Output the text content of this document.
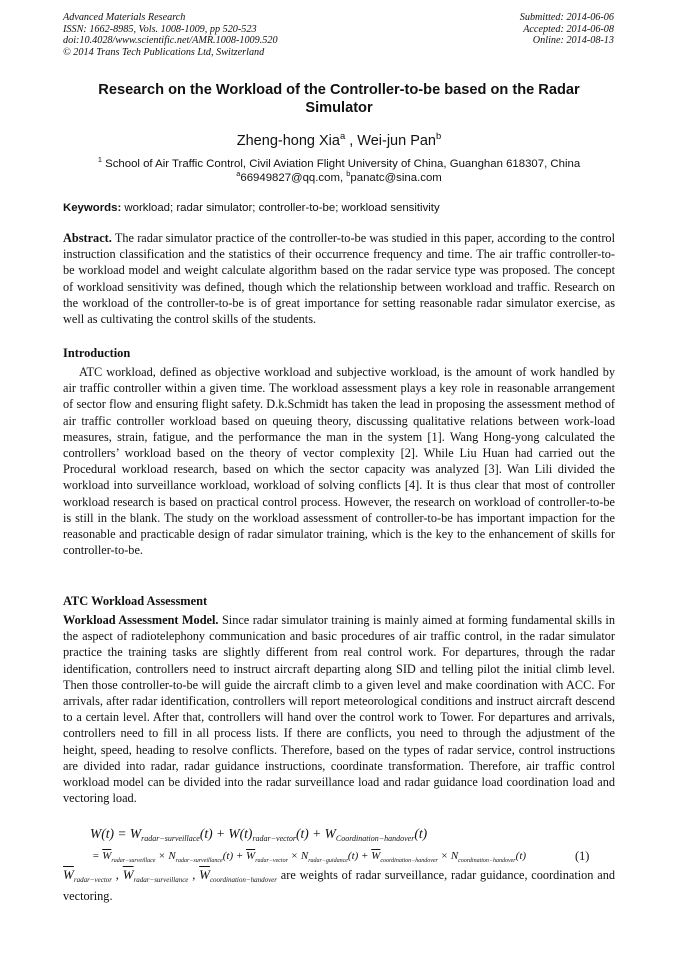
Advanced Materials Research
ISSN: 1662-8985, Vols. 1008-1009, pp 520-523
doi:10.4028/www.scientific.net/AMR.1008-1009.520
© 2014 Trans Tech Publications Ltd, Switzerland
Submitted: 2014-06-06
Accepted: 2014-06-08
Online: 2014-08-13
Research on the Workload of the Controller-to-be based on the Radar
Simulator
Zheng-hong Xia$^a$ , Wei-jun Pan$^b$
$^1$ School of Air Traffic Control, Civil Aviation Flight University of China, Guanghan 618307, China
$^a$66949827@qq.com, $^b$panatc@sina.com
Keywords: workload; radar simulator; controller-to-be; workload sensitivity
Abstract. The radar simulator practice of the controller-to-be was studied in this paper, according to the control instruction classification and the statistics of their occurrence frequency and time. The air traffic controller-to-be workload model and weight calculate algorithm based on the radar service type was proposed. The concept of workload sensitivity was defined, though which the relationship between workload and traffic. Research on the workload of the controller-to-be is of great importance for setting reasonable radar simulator exercise, as well as cultivating the control skills of the students.
Introduction
ATC workload, defined as objective workload and subjective workload, is the amount of work handled by air traffic controller within a given time. The workload assessment plays a key role in reasonable arrangement of sector flow and ensuring flight safety. D.k.Schmidt has taken the lead in proposing the assessment method of air traffic controller workload based on queuing theory, discussing qualitative relations between work-load measures, strain, fatigue, and the performance the man in the system [1]. Wang Hong-yong calculated the controllers’ workload based on the theory of vector complexity [2]. While Liu Huan had carried out the Procedural workload research, based on which the sector capacity was analyzed [3]. Wan Lili divided the workload into surveillance workload, workload of solving conflicts [4]. It is thus clear that most of controller workload research is based on practical control process. However, the research on workload of controller-to-be is still in the blank. The study on the workload assessment of controller-to-be has important impaction for the reasonable and practicable design of radar simulator training, which is the key to the enhancement of skills for controller-to-be.
ATC Workload Assessment
Workload Assessment Model. Since radar simulator training is mainly aimed at forming fundamental skills in the aspect of radiotelephony communication and basic procedures of air traffic control, in the radar simulator practice the training tasks are slightly different from real control work. For departures, through the radar identification, controllers need to instruct aircraft departing along SID and telling pilot the initial climb level. Then those controller-to-be will guide the aircraft climb to a given level and make coordination with ACC. For arrivals, after radar identification, controllers will report meteorological conditions and instruct aircraft descend to a certain level. After that, controllers will hand over the control work to Tower. For departures and arrivals, controllers need to fill in all process lists. If there are conflicts, you need to through the adjustment of the height, speed, heading to resolve conflicts. Therefore, based on the types of radar service, control instructions are divided into radar, radar guidance instructions, coordinate transformation. Therefore, air traffic control workload model can be divided into the radar surveillance load and radar guidance load coordination load and vectoring load.
$W(t) = W_{radar-surveillace}(t) + W(t)_{radar-vector}(t) + W_{Coordination-handover}(t)$
= $\overline{W}_{radar-surveillace} \times N_{radar-surveillance}(t) + \overline{W}_{radar-vector} \times N_{radar-guidance}(t) + \overline{W}_{coordination-handover} \times N_{coordination-handover}(t)$	(1)
$\overline{W}_{radar-vector}$ , $\overline{W}_{radar-surveillance}$ , $\overline{W}_{coordination-handover}$ are weights of radar surveillance, radar guidance, coordination and vectoring.
